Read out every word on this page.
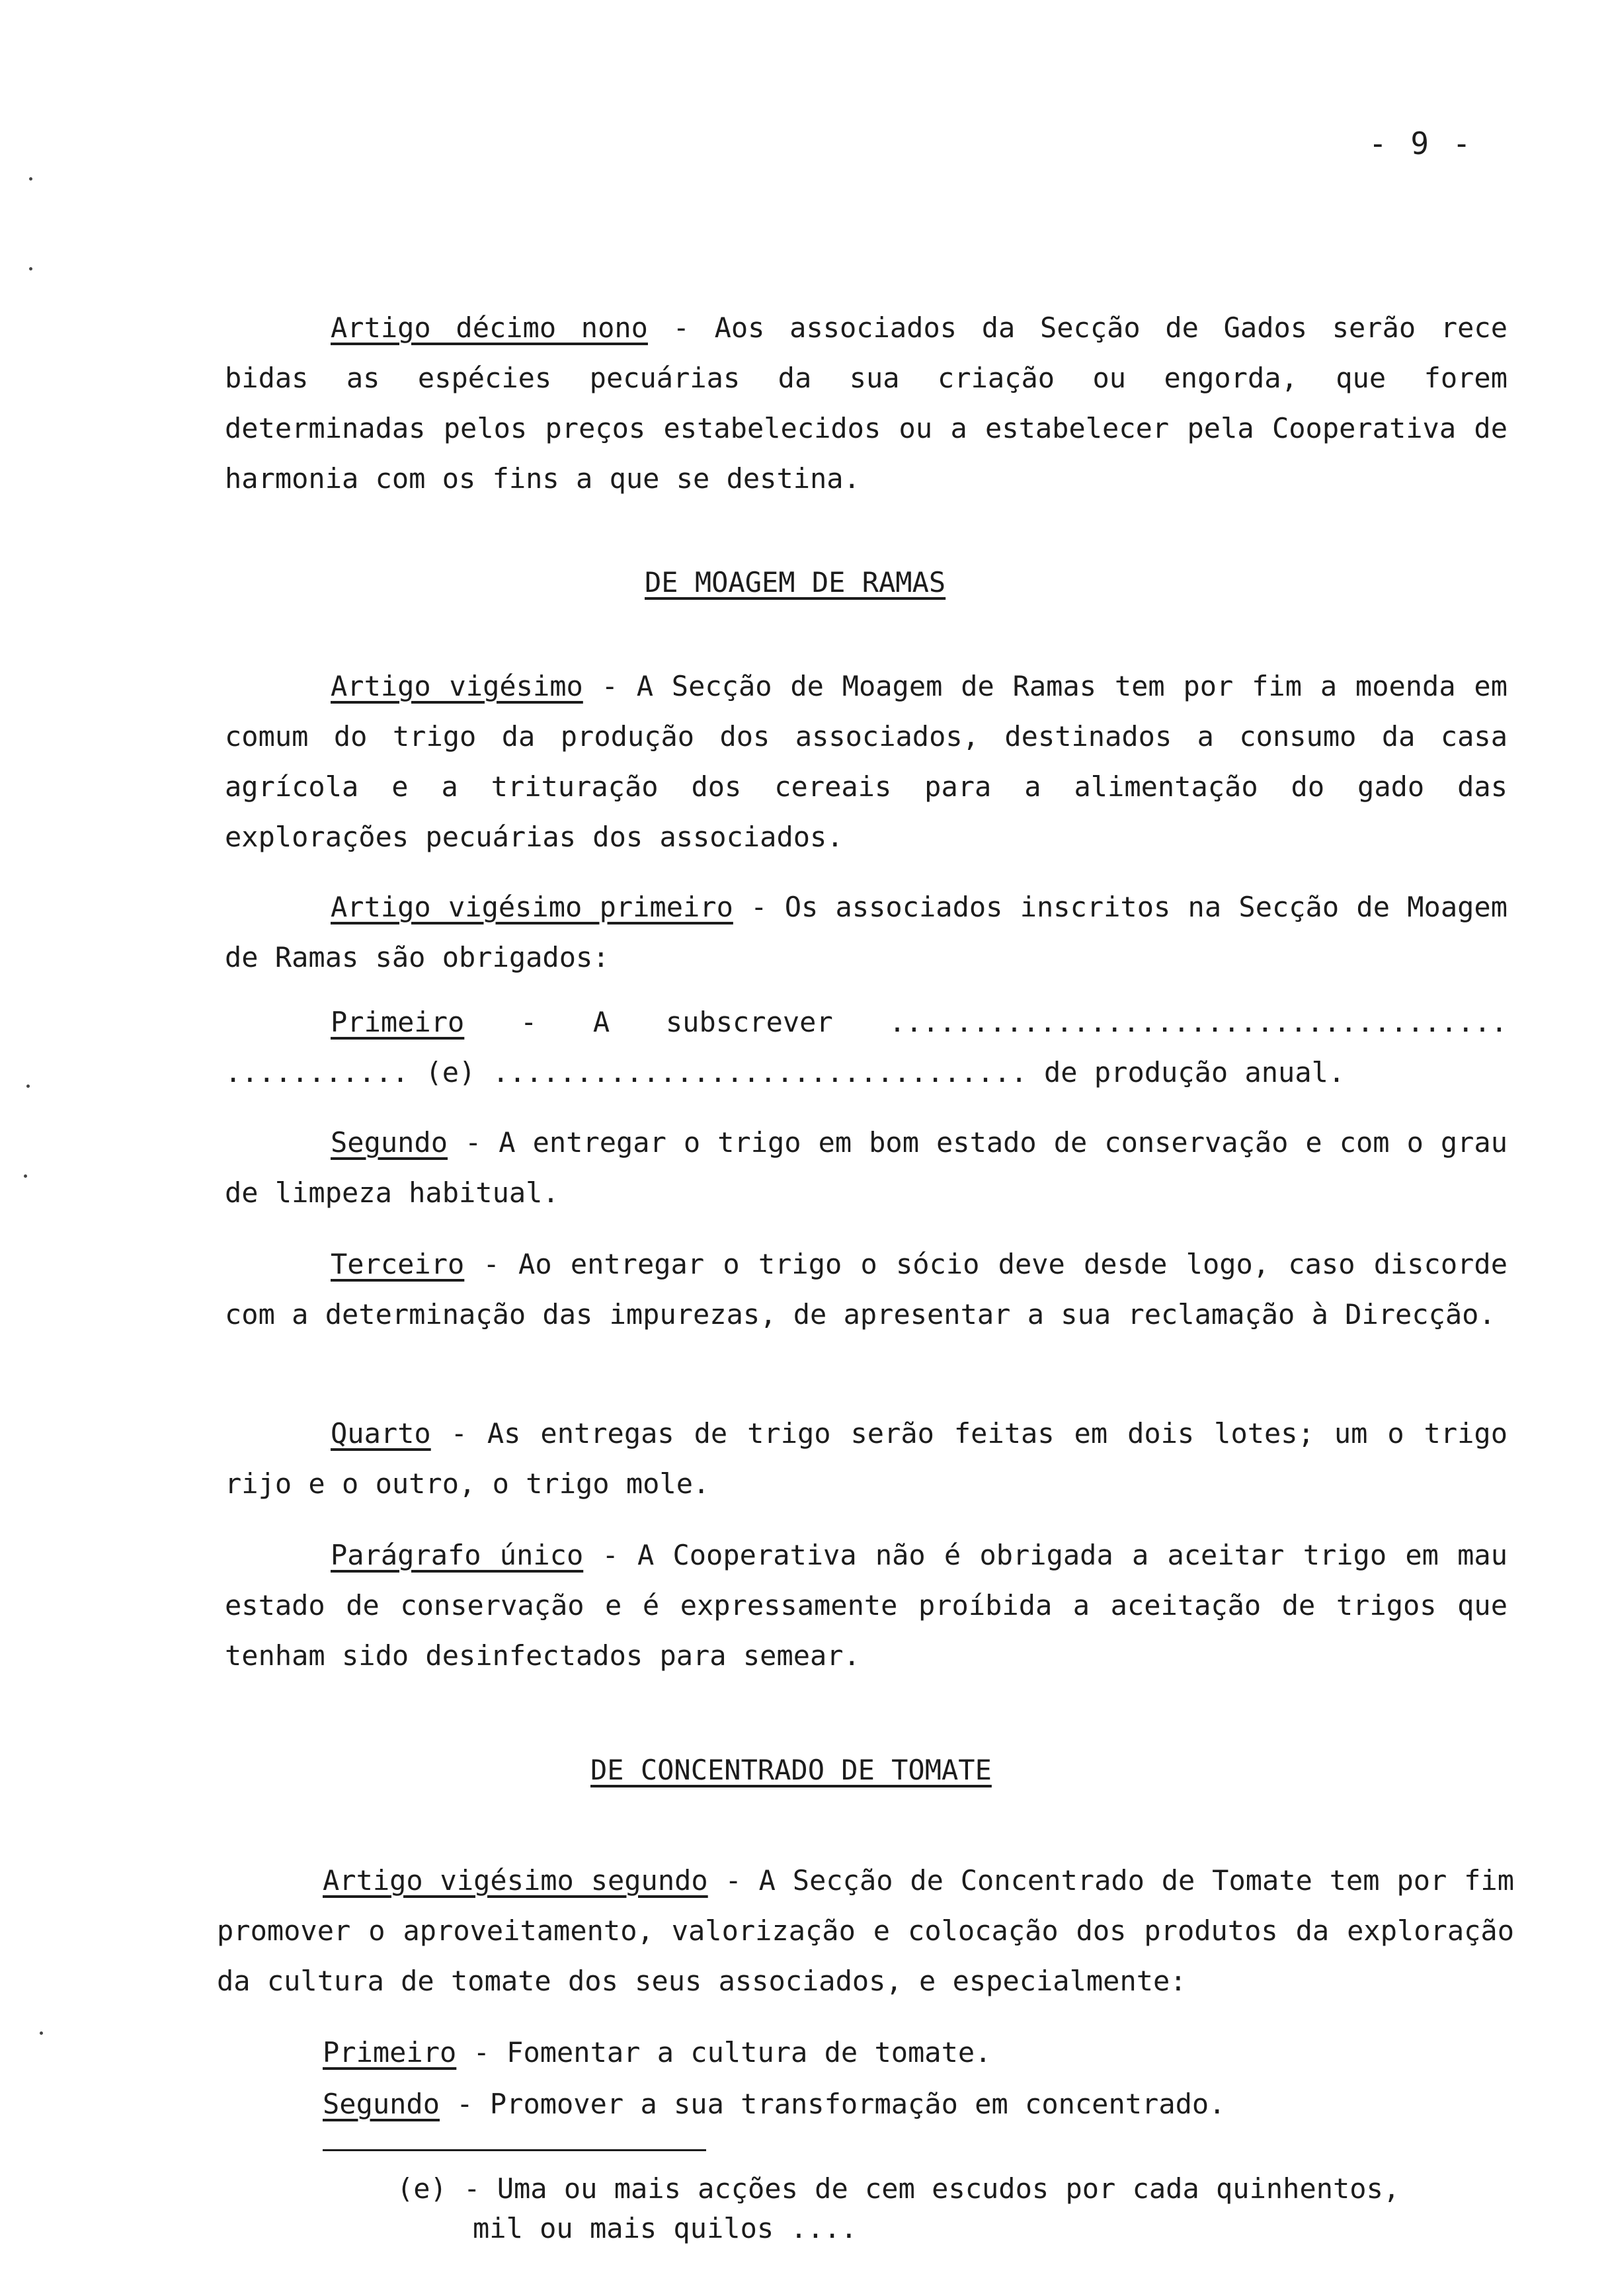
- 9 -

Artigo décimo nono - Aos associados da Secção de Gados serão rece bidas as espécies pecuárias da sua criação ou engorda, que forem determinadas pelos preços estabelecidos ou a estabelecer pela Cooperativa de harmonia com os fins a que se destina.

DE MOAGEM DE RAMAS

Artigo vigésimo - A Secção de Moagem de Ramas tem por fim a moenda em comum do trigo da produção dos associados, destinados a consumo da casa agrícola e a trituração dos cereais para a alimentação do gado das explorações pecuárias dos associados.

Artigo vigésimo primeiro - Os associados inscritos na Secção de Moagem de Ramas são obrigados:

Primeiro - A subscrever ..................................... ........... (e) ................................ de produção anual.

Segundo - A entregar o trigo em bom estado de conservação e com o grau de limpeza habitual.

Terceiro - Ao entregar o trigo o sócio deve desde logo, caso discorde com a determinação das impurezas, de apresentar a sua reclamação à Direcção.

Quarto - As entregas de trigo serão feitas em dois lotes; um o trigo rijo e o outro, o trigo mole.

Parágrafo único - A Cooperativa não é obrigada a aceitar trigo em mau estado de conservação e é expressamente proíbida a aceitação de trigos que tenham sido desinfectados para semear.

DE CONCENTRADO DE TOMATE

Artigo vigésimo segundo - A Secção de Concentrado de Tomate tem por fim promover o aproveitamento, valorização e colocação dos produtos da exploração da cultura de tomate dos seus associados, e especialmente:

Primeiro - Fomentar a cultura de tomate.

Segundo - Promover a sua transformação em concentrado.

(e) - Uma ou mais acções de cem escudos por cada quinhentos,
mil ou mais quilos ....
